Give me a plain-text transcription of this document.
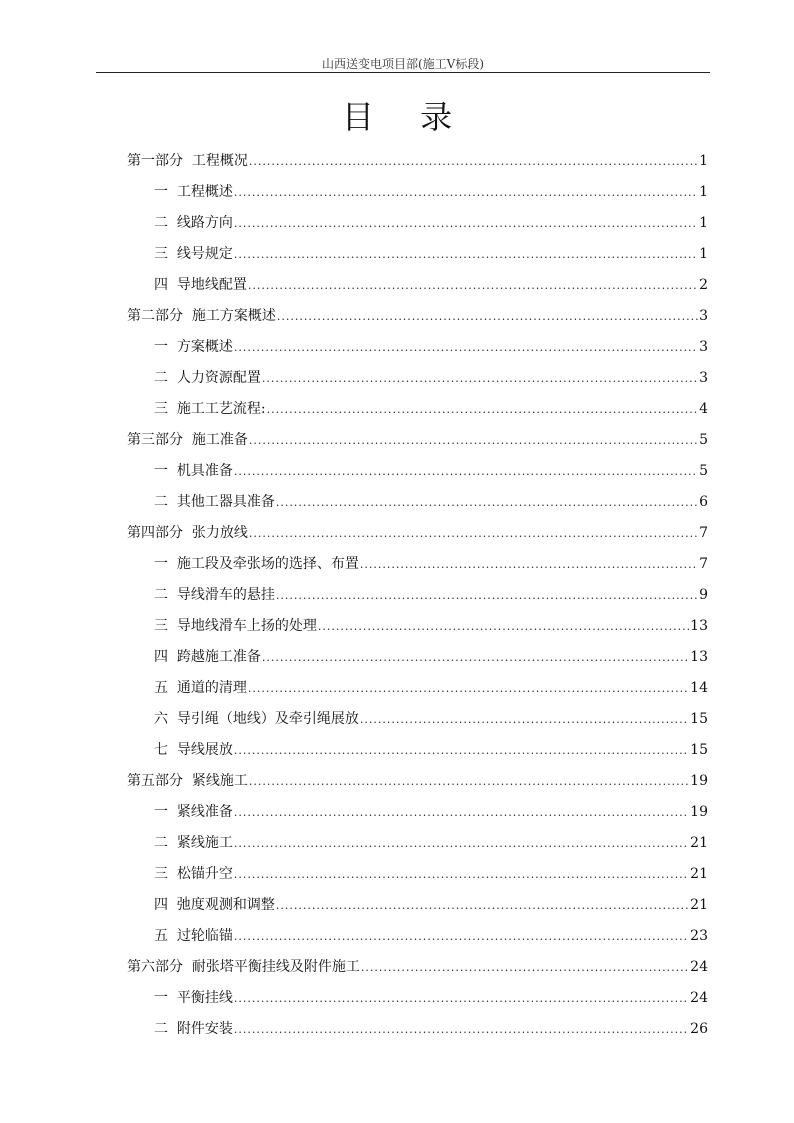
山西送变电项目部(施工Ⅴ标段)
目 录
第一部分  工程概况 .....	1
一  工程概述 .....	1
二  线路方向 .....	1
三  线号规定 .....	1
四  导地线配置 .....	2
第二部分  施工方案概述 .....	3
一  方案概述 .....	3
二  人力资源配置 .....	3
三  施工工艺流程: .....	4
第三部分  施工准备 .....	5
一  机具准备 .....	5
二  其他工器具准备 .....	6
第四部分  张力放线 .....	7
一  施工段及牵张场的选择、布置 .....	7
二  导线滑车的悬挂 .....	9
三  导地线滑车上扬的处理 .....	13
四  跨越施工准备 .....	13
五  通道的清理 .....	14
六  导引绳（地线）及牵引绳展放 .....	15
七  导线展放 .....	15
第五部分  紧线施工 .....	19
一  紧线准备 .....	19
二  紧线施工 .....	21
三  松锚升空 .....	21
四  弛度观测和调整 .....	21
五  过轮临锚 .....	23
第六部分  耐张塔平衡挂线及附件施工 .....	24
一  平衡挂线 .....	24
二  附件安装 .....	26
